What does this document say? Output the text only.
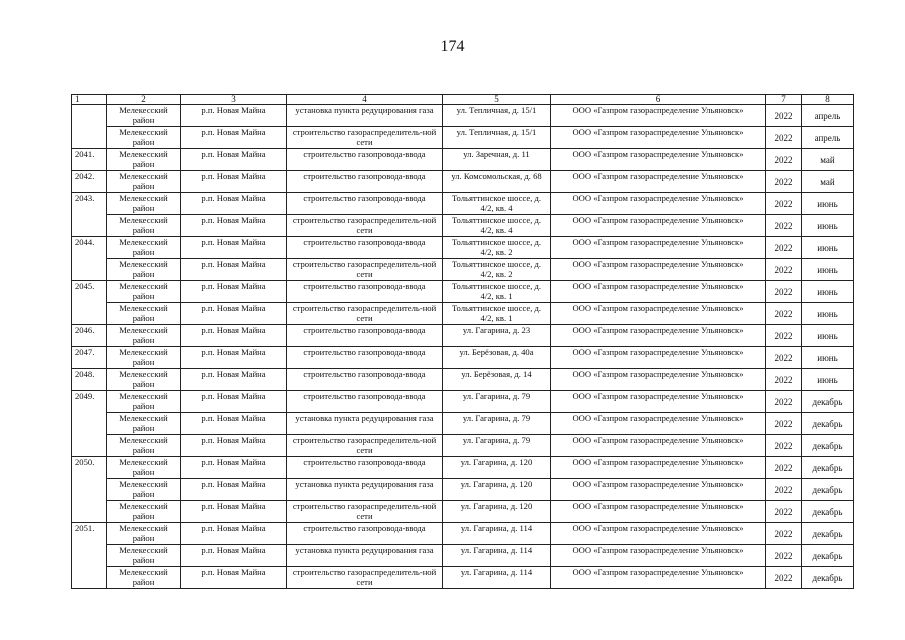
174
1	2	3	4	5	6	7	8
	Мелекесский район	р.п. Новая Майна	установка пункта редуцирования газа	ул. Тепличная, д. 15/1	ООО «Газпром газораспределение Ульяновск»	2022	апрель
	Мелекесский район	р.п. Новая Майна	строительство газораспределитель-ной сети	ул. Тепличная, д. 15/1	ООО «Газпром газораспределение Ульяновск»	2022	апрель
2041.	Мелекесский район	р.п. Новая Майна	строительство газопровода-ввода	ул. Заречная, д. 11	ООО «Газпром газораспределение Ульяновск»	2022	май
2042.	Мелекесский район	р.п. Новая Майна	строительство газопровода-ввода	ул. Комсомольская, д. 68	ООО «Газпром газораспределение Ульяновск»	2022	май
2043.	Мелекесский район	р.п. Новая Майна	строительство газопровода-ввода	Тольяттинское шоссе, д. 4/2, кв. 4	ООО «Газпром газораспределение Ульяновск»	2022	июнь
	Мелекесский район	р.п. Новая Майна	строительство газораспределитель-ной сети	Тольяттинское шоссе, д. 4/2, кв. 4	ООО «Газпром газораспределение Ульяновск»	2022	июнь
2044.	Мелекесский район	р.п. Новая Майна	строительство газопровода-ввода	Тольяттинское шоссе, д. 4/2, кв. 2	ООО «Газпром газораспределение Ульяновск»	2022	июнь
	Мелекесский район	р.п. Новая Майна	строительство газораспределитель-ной сети	Тольяттинское шоссе, д. 4/2, кв. 2	ООО «Газпром газораспределение Ульяновск»	2022	июнь
2045.	Мелекесский район	р.п. Новая Майна	строительство газопровода-ввода	Тольяттинское шоссе, д. 4/2, кв. 1	ООО «Газпром газораспределение Ульяновск»	2022	июнь
	Мелекесский район	р.п. Новая Майна	строительство газораспределитель-ной сети	Тольяттинское шоссе, д. 4/2, кв. 1	ООО «Газпром газораспределение Ульяновск»	2022	июнь
2046.	Мелекесский район	р.п. Новая Майна	строительство газопровода-ввода	ул. Гагарина, д. 23	ООО «Газпром газораспределение Ульяновск»	2022	июнь
2047.	Мелекесский район	р.п. Новая Майна	строительство газопровода-ввода	ул. Берёзовая, д. 40а	ООО «Газпром газораспределение Ульяновск»	2022	июнь
2048.	Мелекесский район	р.п. Новая Майна	строительство газопровода-ввода	ул. Берёзовая, д. 14	ООО «Газпром газораспределение Ульяновск»	2022	июнь
2049.	Мелекесский район	р.п. Новая Майна	строительство газопровода-ввода	ул. Гагарина, д. 79	ООО «Газпром газораспределение Ульяновск»	2022	декабрь
	Мелекесский район	р.п. Новая Майна	установка пункта редуцирования газа	ул. Гагарина, д. 79	ООО «Газпром газораспределение Ульяновск»	2022	декабрь
	Мелекесский район	р.п. Новая Майна	строительство газораспределитель-ной сети	ул. Гагарина, д. 79	ООО «Газпром газораспределение Ульяновск»	2022	декабрь
2050.	Мелекесский район	р.п. Новая Майна	строительство газопровода-ввода	ул. Гагарина, д. 120	ООО «Газпром газораспределение Ульяновск»	2022	декабрь
	Мелекесский район	р.п. Новая Майна	установка пункта редуцирования газа	ул. Гагарина, д. 120	ООО «Газпром газораспределение Ульяновск»	2022	декабрь
	Мелекесский район	р.п. Новая Майна	строительство газораспределитель-ной сети	ул. Гагарина, д. 120	ООО «Газпром газораспределение Ульяновск»	2022	декабрь
2051.	Мелекесский район	р.п. Новая Майна	строительство газопровода-ввода	ул. Гагарина, д. 114	ООО «Газпром газораспределение Ульяновск»	2022	декабрь
	Мелекесский район	р.п. Новая Майна	установка пункта редуцирования газа	ул. Гагарина, д. 114	ООО «Газпром газораспределение Ульяновск»	2022	декабрь
	Мелекесский район	р.п. Новая Майна	строительство газораспределитель-ной сети	ул. Гагарина, д. 114	ООО «Газпром газораспределение Ульяновск»	2022	декабрь
